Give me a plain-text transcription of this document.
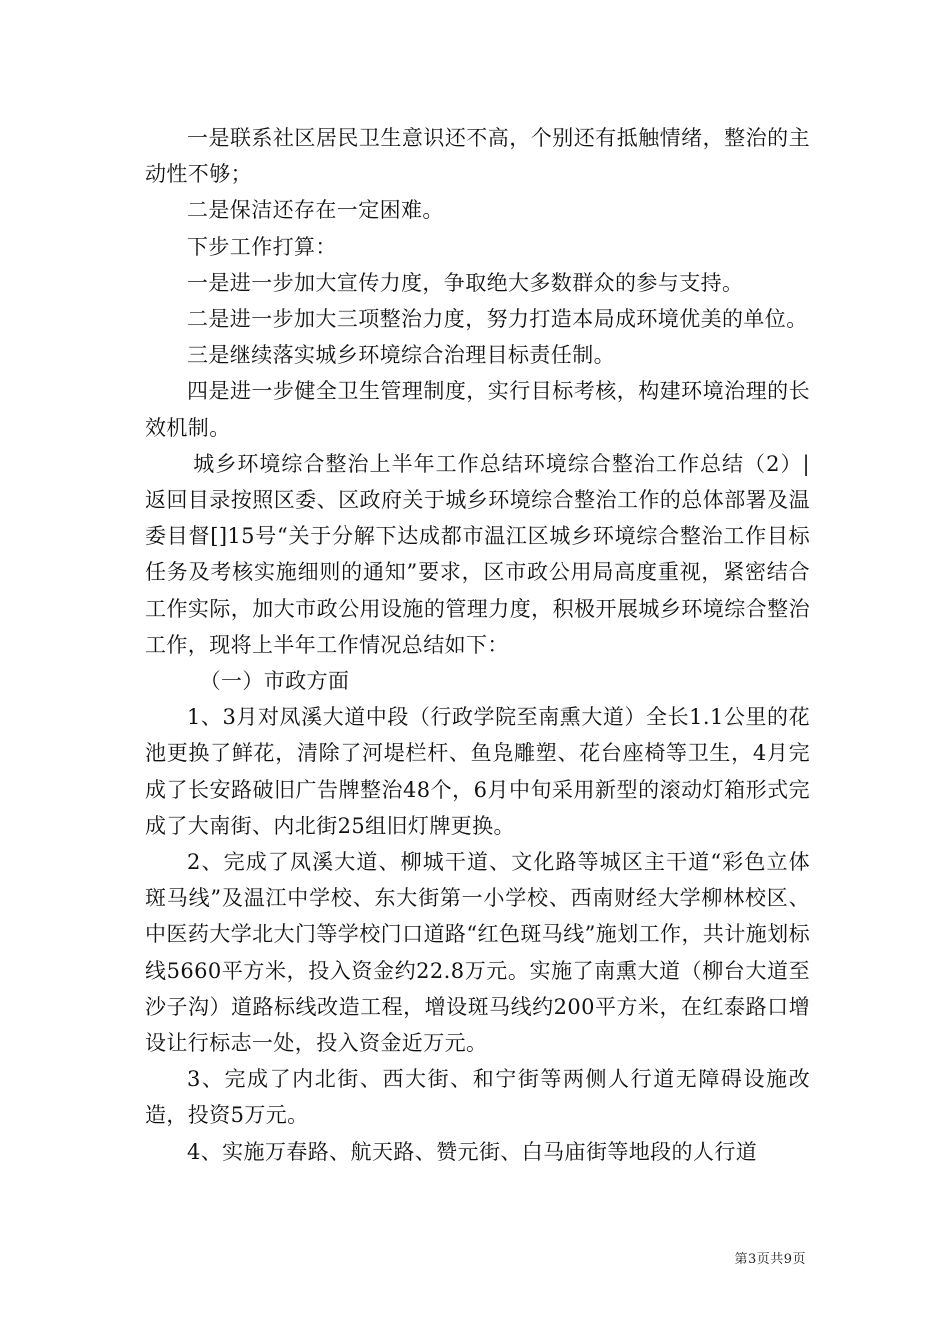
一是联系社区居民卫生意识还不高，个别还有抵触情绪，整治的主动性不够；

二是保洁还存在一定困难。

下步工作打算：

一是进一步加大宣传力度，争取绝大多数群众的参与支持。

二是进一步加大三项整治力度，努力打造本局成环境优美的单位。

三是继续落实城乡环境综合治理目标责任制。

四是进一步健全卫生管理制度，实行目标考核，构建环境治理的长效机制。

城乡环境综合整治上半年工作总结环境综合整治工作总结（2）|返回目录按照区委、区政府关于城乡环境综合整治工作的总体部署及温委目督[]15号“关于分解下达成都市温江区城乡环境综合整治工作目标任务及考核实施细则的通知”要求，区市政公用局高度重视，紧密结合工作实际，加大市政公用设施的管理力度，积极开展城乡环境综合整治工作，现将上半年工作情况总结如下：

（一）市政方面

1、3月对凤溪大道中段（行政学院至南熏大道）全长1.1公里的花池更换了鲜花，清除了河堤栏杆、鱼凫雕塑、花台座椅等卫生，4月完成了长安路破旧广告牌整治48个，6月中旬采用新型的滚动灯箱形式完成了大南街、内北街25组旧灯牌更换。

2、完成了凤溪大道、柳城干道、文化路等城区主干道“彩色立体斑马线”及温江中学校、东大街第一小学校、西南财经大学柳林校区、中医药大学北大门等学校门口道路“红色斑马线”施划工作，共计施划标线5660平方米，投入资金约22.8万元。实施了南熏大道（柳台大道至沙子沟）道路标线改造工程，增设斑马线约200平方米，在红泰路口增设让行标志一处，投入资金近万元。

3、完成了内北街、西大街、和宁街等两侧人行道无障碍设施改造，投资5万元。

4、实施万春路、航天路、赞元街、白马庙街等地段的人行道

第3页共9页
